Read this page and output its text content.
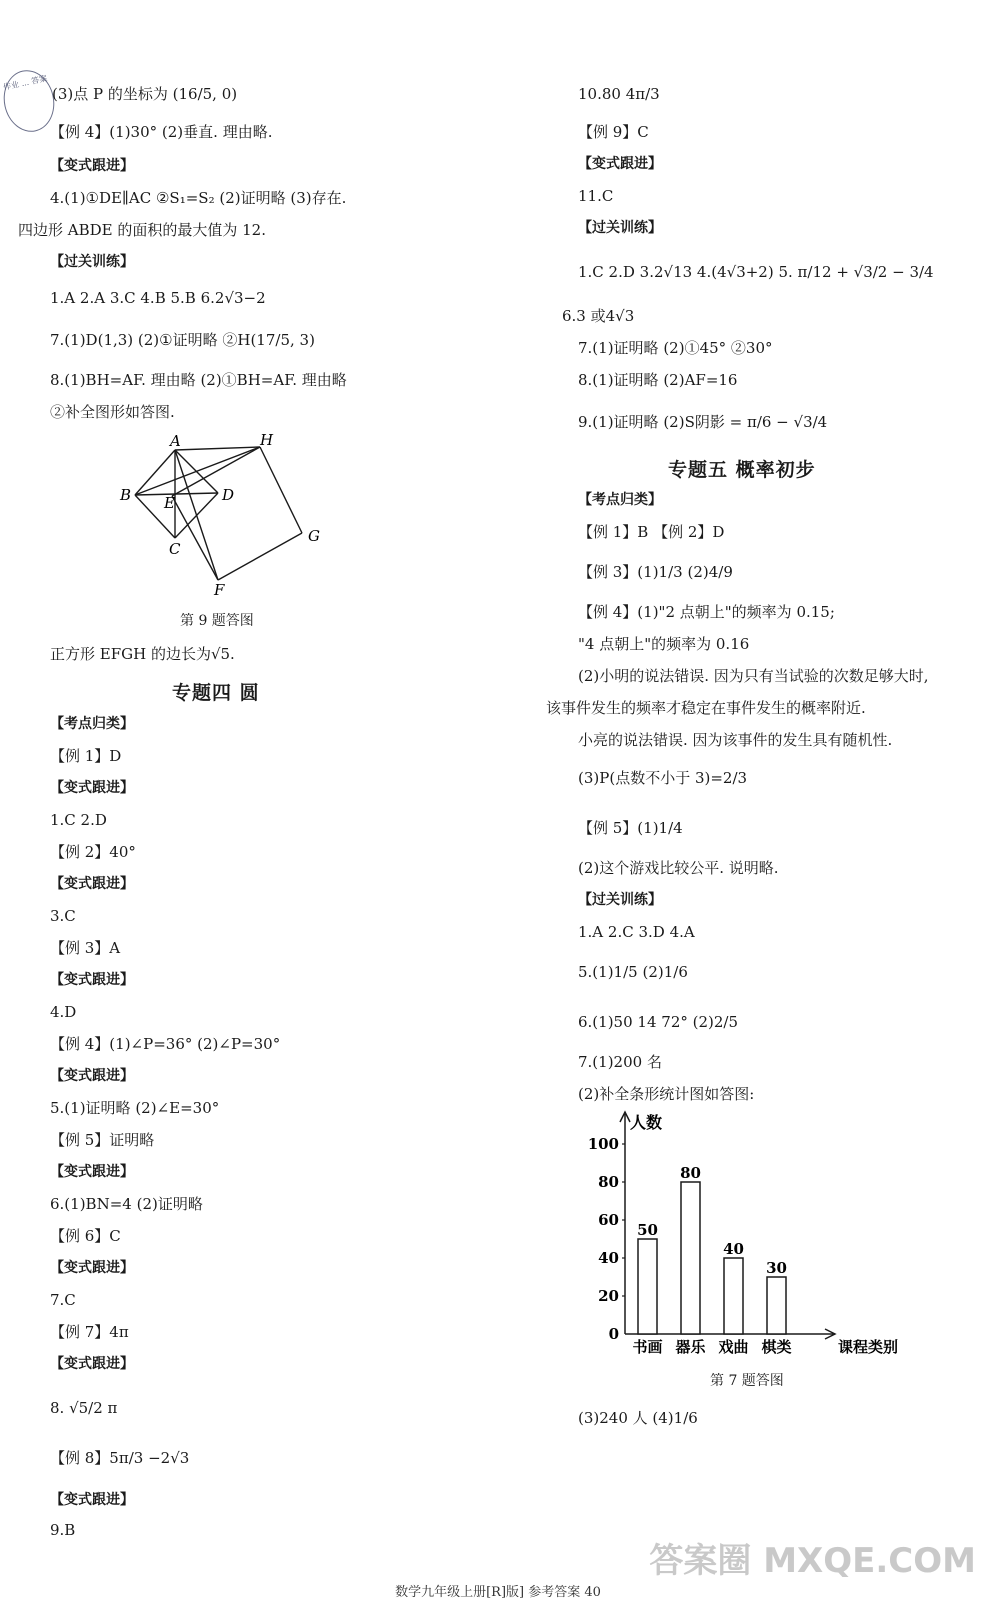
作业 ... 答案
(3)点 P 的坐标为 (16/5, 0)
【例 4】(1)30° (2)垂直. 理由略.
【变式跟进】
4.(1)①DE∥AC ②S₁=S₂ (2)证明略 (3)存在.
四边形 ABDE 的面积的最大值为 12.
【过关训练】
1.A 2.A 3.C 4.B 5.B 6.2√3−2
7.(1)D(1,3) (2)①证明略 ②H(17/5, 3)
8.(1)BH=AF. 理由略 (2)①BH=AF. 理由略
②补全图形如答图.
A	H
B E	D
C
G
F
第 9 题答图
正方形 EFGH 的边长为√5.
专题四 圆
【考点归类】
【例 1】D
【变式跟进】
1.C 2.D
【例 2】40°
【变式跟进】
3.C
【例 3】A
【变式跟进】
4.D
【例 4】(1)∠P=36° (2)∠P=30°
【变式跟进】
5.(1)证明略 (2)∠E=30°
【例 5】证明略
【变式跟进】
6.(1)BN=4 (2)证明略
【例 6】C
【变式跟进】
7.C
【例 7】4π
【变式跟进】
8. √5/2 π
【例 8】5π/3 −2√3
【变式跟进】
9.B
10.80 4π/3
【例 9】C
【变式跟进】
11.C
【过关训练】
1.C 2.D 3.2√13 4.(4√3+2) 5. π/12 + √3/2 − 3/4
6.3 或4√3
7.(1)证明略 (2)①45° ②30°
8.(1)证明略 (2)AF=16
9.(1)证明略 (2)S阴影 = π/6 − √3/4
专题五 概率初步
【考点归类】
【例 1】B 【例 2】D
【例 3】(1)1/3 (2)4/9
【例 4】(1)"2 点朝上"的频率为 0.15;
"4 点朝上"的频率为 0.16
(2)小明的说法错误. 因为只有当试验的次数足够大时,
该事件发生的频率才稳定在事件发生的概率附近.
小亮的说法错误. 因为该事件的发生具有随机性.
(3)P(点数不小于 3)=2/3
【例 5】(1)1/4
(2)这个游戏比较公平. 说明略.
【过关训练】
1.A 2.C 3.D 4.A
5.(1)1/5 (2)1/6
6.(1)50 14 72° (2)2/5
7.(1)200 名
(2)补全条形统计图如答图:
人数
课程类别
0
20
40
60
80
100
50
书画
80
器乐
40
戏曲
30
棋类
第 7 题答图
(3)240 人 (4)1/6
答案圈 MXQE.COM
数学九年级上册[R]版] 参考答案 40
